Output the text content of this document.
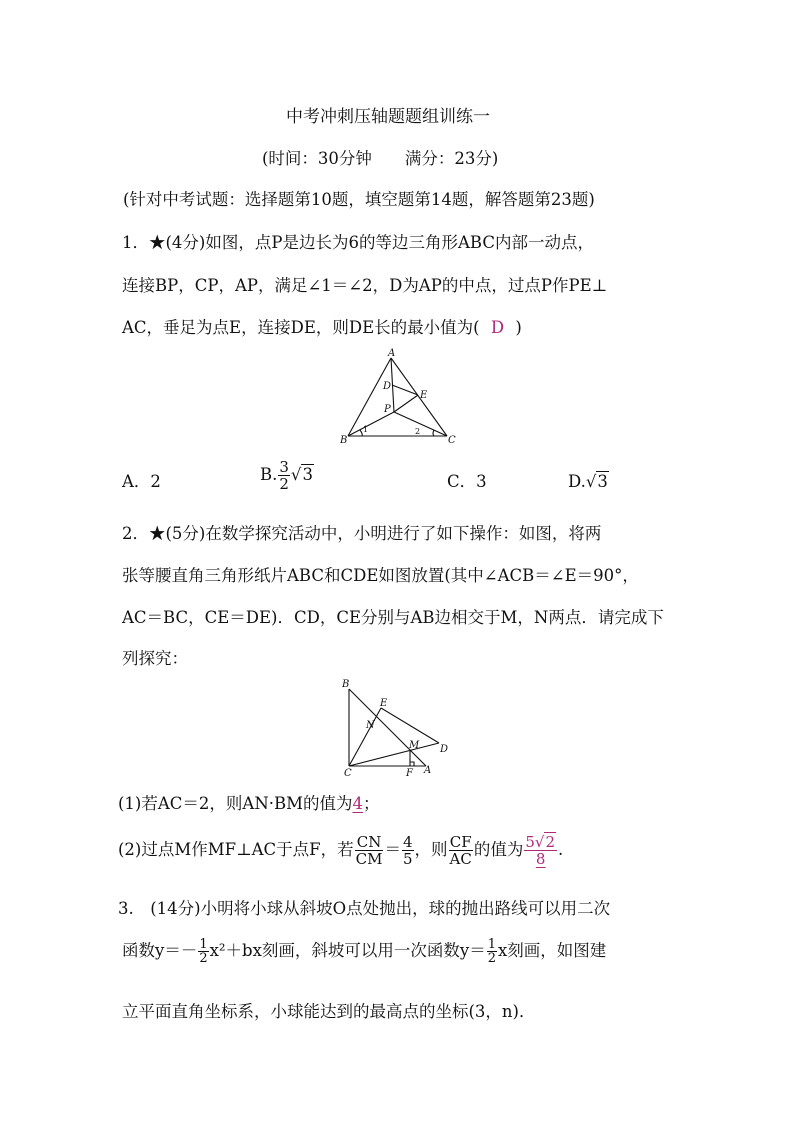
中考冲刺压轴题题组训练一
(时间：30分钟　　满分：23分)
(针对中考试题：选择题第10题，填空题第14题，解答题第23题)
1．★(4分)如图，点P是边长为6的等边三角形ABC内部一动点，
连接BP，CP，AP，满足∠1＝∠2，D为AP的中点，过点P作PE⊥
AC，垂足为点E，连接DE，则DE长的最小值为( D )
A
B	C
D
E
P
1	2
A．2	B. $\frac{3}{2} √3$	C．3	D.√3
2．★(5分)在数学探究活动中，小明进行了如下操作：如图，将两
张等腰直角三角形纸片ABC和CDE如图放置(其中∠ACB＝∠E＝90°，
AC＝BC，CE＝DE)．CD，CE分别与AB边相交于M，N两点．请完成下
列探究：
B
E
N
M D
C	F A
(1)若AC＝2，则AN·BM的值为4；
(2)过点M作MF⊥AC于点F，若 $\frac{CN}{CM} = \frac{4}{5}$ ，则 $\frac{CF}{AC}$ 的值为 $\frac{5√2}{8}$ .
3.　(14分)小明将小球从斜坡O点处抛出，球的抛出路线可以用二次
函数$y=- \frac{1}{2} x^2+bx$刻画，斜坡可以用一次函数$y= \frac{1}{2}$ x刻画，如图建
立平面直角坐标系，小球能达到的最高点的坐标(3，n)．
